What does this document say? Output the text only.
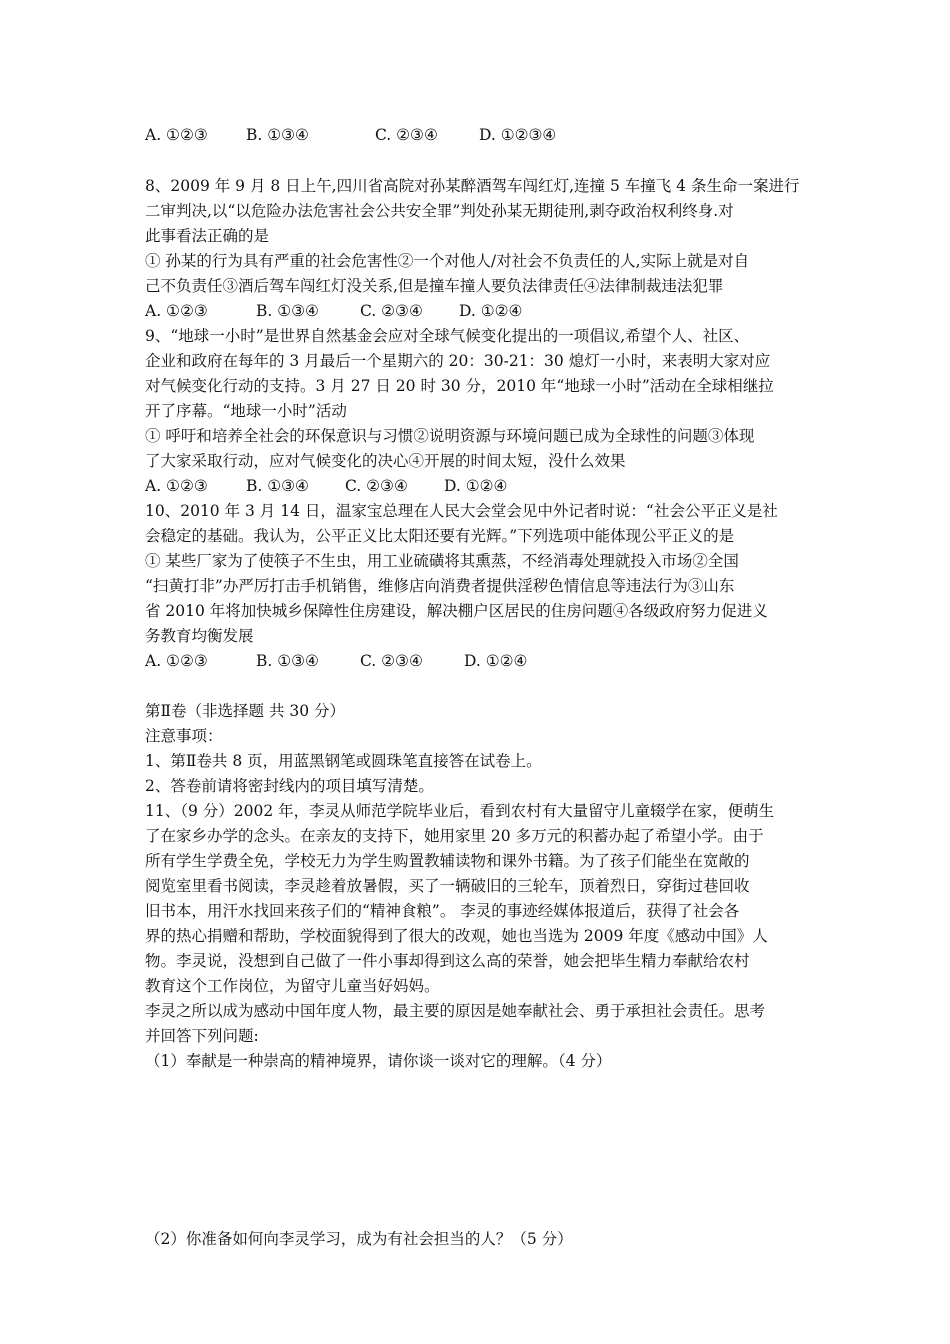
A. ①②③	B. ①③④	C. ②③④	D. ①②③④
8、2009 年 9 月 8 日上午,四川省高院对孙某醉酒驾车闯红灯,连撞 5 车撞飞 4 条生命一案进行
二审判决,以“以危险办法危害社会公共安全罪”判处孙某无期徒刑,剥夺政治权利终身.对
此事看法正确的是
① 孙某的行为具有严重的社会危害性②一个对他人/对社会不负责任的人,实际上就是对自
己不负责任③酒后驾车闯红灯没关系,但是撞车撞人要负法律责任④法律制裁违法犯罪
A. ①②③	B. ①③④	C. ②③④	D. ①②④
9、“地球一小时”是世界自然基金会应对全球气候变化提出的一项倡议,希望个人、社区、
企业和政府在每年的 3 月最后一个星期六的 20：30-21：30 熄灯一小时，来表明大家对应
对气候变化行动的支持。3 月 27 日 20 时 30 分，2010 年“地球一小时”活动在全球相继拉
开了序幕。“地球一小时”活动
① 呼吁和培养全社会的环保意识与习惯②说明资源与环境问题已成为全球性的问题③体现
了大家采取行动，应对气候变化的决心④开展的时间太短，没什么效果
A. ①②③	B. ①③④	C. ②③④	D. ①②④
10、2010 年 3 月 14 日，温家宝总理在人民大会堂会见中外记者时说：“社会公平正义是社
会稳定的基础。我认为，公平正义比太阳还要有光辉。”下列选项中能体现公平正义的是
① 某些厂家为了使筷子不生虫，用工业硫磺将其熏蒸，不经消毒处理就投入市场②全国
“扫黄打非”办严厉打击手机销售，维修店向消费者提供淫秽色情信息等违法行为③山东
省 2010 年将加快城乡保障性住房建设，解决棚户区居民的住房问题④各级政府努力促进义
务教育均衡发展
A. ①②③	B. ①③④	C. ②③④	D. ①②④
第Ⅱ卷（非选择题 共 30 分）
注意事项：
1、第Ⅱ卷共 8 页，用蓝黑钢笔或圆珠笔直接答在试卷上。
2、答卷前请将密封线内的项目填写清楚。
11、（9 分）2002 年，李灵从师范学院毕业后，看到农村有大量留守儿童辍学在家，便萌生
了在家乡办学的念头。在亲友的支持下，她用家里 20 多万元的积蓄办起了希望小学。由于
所有学生学费全免，学校无力为学生购置教辅读物和课外书籍。为了孩子们能坐在宽敞的
阅览室里看书阅读，李灵趁着放暑假，买了一辆破旧的三轮车，顶着烈日，穿街过巷回收
旧书本，用汗水找回来孩子们的“精神食粮”。 李灵的事迹经媒体报道后，获得了社会各
界的热心捐赠和帮助，学校面貌得到了很大的改观，她也当选为 2009 年度《感动中国》人
物。李灵说，没想到自己做了一件小事却得到这么高的荣誉，她会把毕生精力奉献给农村
教育这个工作岗位，为留守儿童当好妈妈。
李灵之所以成为感动中国年度人物，最主要的原因是她奉献社会、勇于承担社会责任。思考
并回答下列问题:
（1）奉献是一种崇高的精神境界，请你谈一谈对它的理解。（4 分）
（2）你准备如何向李灵学习，成为有社会担当的人？（5 分）
